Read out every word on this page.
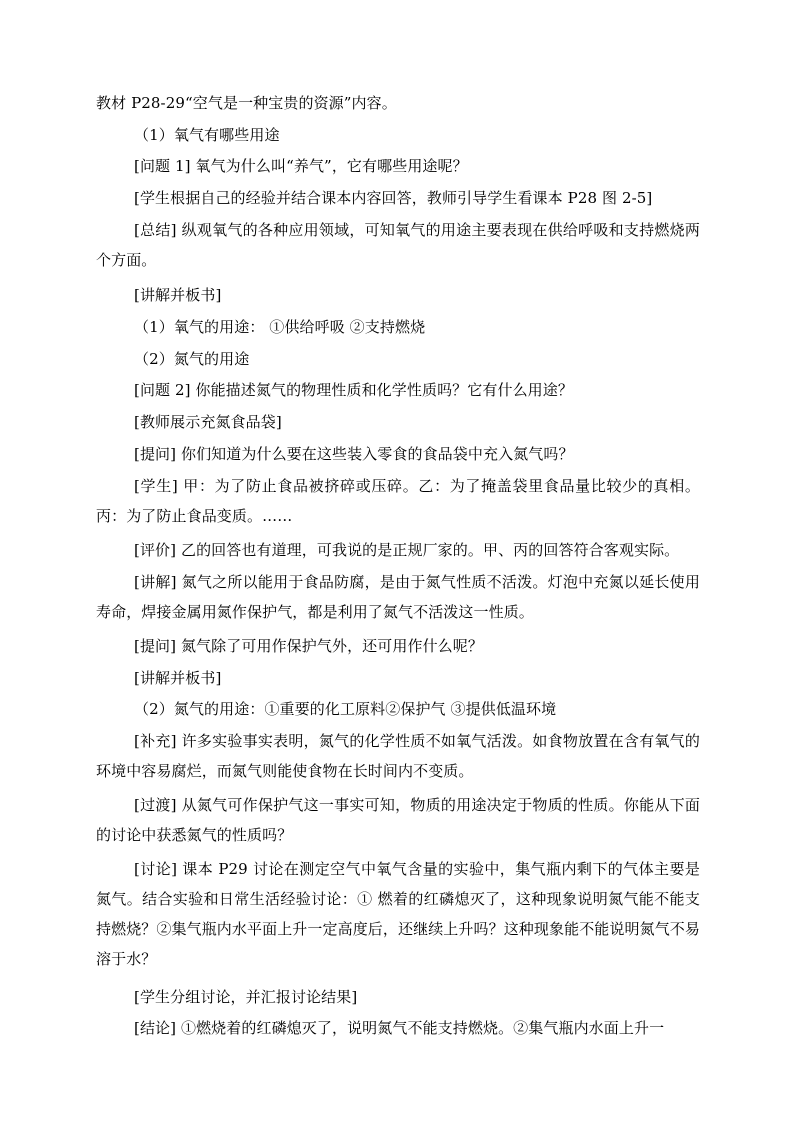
教材 P28-29“空气是一种宝贵的资源”内容。

（1）氧气有哪些用途

[问题 1] 氧气为什么叫“养气”，它有哪些用途呢？

[学生根据自己的经验并结合课本内容回答，教师引导学生看课本 P28 图 2-5]

[总结] 纵观氧气的各种应用领域，可知氧气的用途主要表现在供给呼吸和支持燃烧两个方面。

[讲解并板书]

（1）氧气的用途： ①供给呼吸 ②支持燃烧

（2）氮气的用途

[问题 2] 你能描述氮气的物理性质和化学性质吗？它有什么用途？

[教师展示充氮食品袋]

[提问] 你们知道为什么要在这些装入零食的食品袋中充入氮气吗？

[学生] 甲：为了防止食品被挤碎或压碎。乙：为了掩盖袋里食品量比较少的真相。丙：为了防止食品变质。……

[评价] 乙的回答也有道理，可我说的是正规厂家的。甲、丙的回答符合客观实际。

[讲解] 氮气之所以能用于食品防腐，是由于氮气性质不活泼。灯泡中充氮以延长使用寿命，焊接金属用氮作保护气，都是利用了氮气不活泼这一性质。

[提问] 氮气除了可用作保护气外，还可用作什么呢？

[讲解并板书]

（2）氮气的用途：①重要的化工原料②保护气 ③提供低温环境

[补充] 许多实验事实表明，氮气的化学性质不如氧气活泼。如食物放置在含有氧气的环境中容易腐烂，而氮气则能使食物在长时间内不变质。

[过渡] 从氮气可作保护气这一事实可知，物质的用途决定于物质的性质。你能从下面的讨论中获悉氮气的性质吗？

[讨论] 课本 P29 讨论在测定空气中氧气含量的实验中，集气瓶内剩下的气体主要是氮气。结合实验和日常生活经验讨论：① 燃着的红磷熄灭了，这种现象说明氮气能不能支持燃烧？②集气瓶内水平面上升一定高度后，还继续上升吗？这种现象能不能说明氮气不易溶于水？

[学生分组讨论，并汇报讨论结果]

[结论] ①燃烧着的红磷熄灭了，说明氮气不能支持燃烧。②集气瓶内水面上升一
